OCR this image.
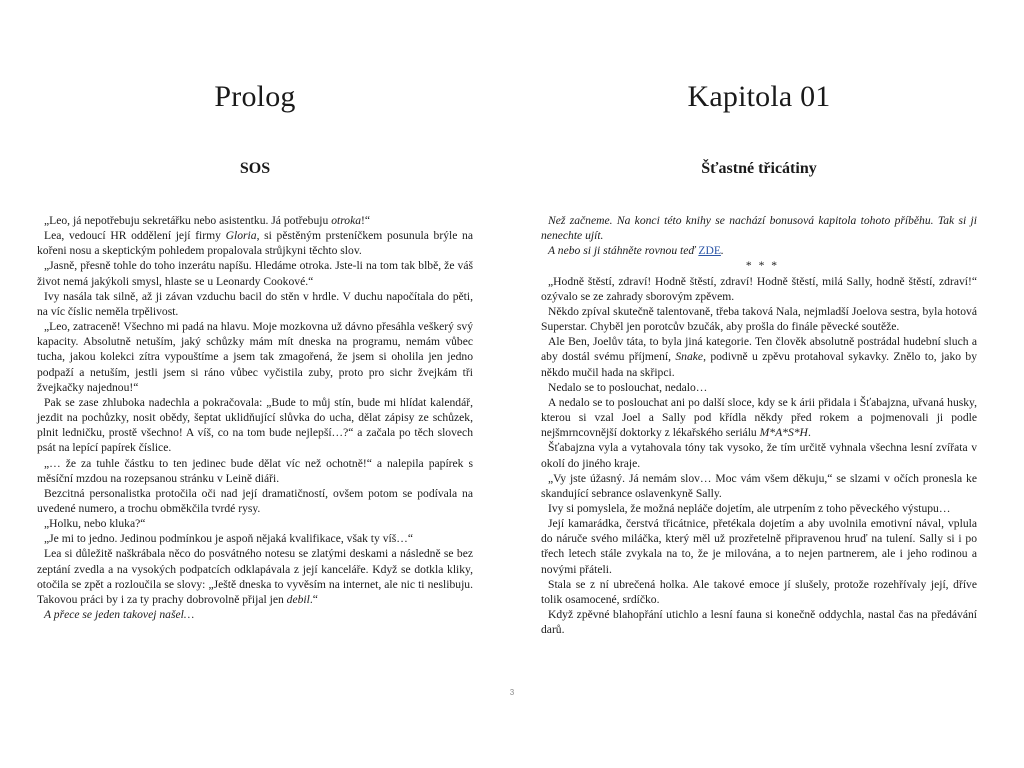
Prolog
SOS

„Leo, já nepotřebuju sekretářku nebo asistentku. Já potřebuju otroka!“

Lea, vedoucí HR oddělení její firmy Gloria, si pěstěným prsteníčkem posunula brýle na kořeni nosu a skeptickým pohledem propalovala strůjkyni těchto slov.

„Jasně, přesně tohle do toho inzerátu napíšu. Hledáme otroka. Jste-li na tom tak blbě, že váš život nemá jakýkoli smysl, hlaste se u Leonardy Cookové.“

Ivy nasála tak silně, až ji závan vzduchu bacil do stěn v hrdle. V duchu napočítala do pěti, na víc číslic neměla trpělivost.

„Leo, zatraceně! Všechno mi padá na hlavu. Moje mozkovna už dávno přesáhla veškerý svý kapacity. Absolutně netuším, jaký schůzky mám mít dneska na programu, nemám vůbec tucha, jakou kolekci zítra vypouštíme a jsem tak zmagořená, že jsem si oholila jen jedno podpaží a netuším, jestli jsem si ráno vůbec vyčistila zuby, proto pro sichr žvejkám tři žvejkačky najednou!“

Pak se zase zhluboka nadechla a pokračovala: „Bude to můj stín, bude mi hlídat kalendář, jezdit na pochůzky, nosit obědy, šeptat uklidňující slůvka do ucha, dělat zápisy ze schůzek, plnit ledničku, prostě všechno! A víš, co na tom bude nejlepší…?“ a začala po těch slovech psát na lepící papírek číslice.

„… že za tuhle částku to ten jedinec bude dělat víc než ochotně!“ a nalepila papírek s měsíční mzdou na rozepsanou stránku v Leině diáři.

Bezcitná personalistka protočila oči nad její dramatičností, ovšem potom se podívala na uvedené numero, a trochu obměkčila tvrdé rysy.

„Holku, nebo kluka?“

„Je mi to jedno. Jedinou podmínkou je aspoň nějaká kvalifikace, však ty víš…“

Lea si důležitě naškrábala něco do posvátného notesu se zlatými deskami a následně se bez zeptání zvedla a na vysokých podpatcích odklapávala z její kanceláře. Když se dotkla kliky, otočila se zpět a rozloučila se slovy: „Ještě dneska to vyvěsím na internet, ale nic ti neslibuju. Takovou práci by i za ty prachy dobrovolně přijal jen debil.“

A přece se jeden takovej našel…

Kapitola 01
Šťastné třicátiny

Než začneme. Na konci této knihy se nachází bonusová kapitola tohoto příběhu. Tak si ji nenechte ujít.

A nebo si ji stáhněte rovnou teď ZDE.

* * *

„Hodně štěstí, zdraví! Hodně štěstí, zdraví! Hodně štěstí, milá Sally, hodně štěstí, zdraví!“ ozývalo se ze zahrady sborovým zpěvem.

Někdo zpíval skutečně talentovaně, třeba taková Nala, nejmladší Joelova sestra, byla hotová Superstar. Chyběl jen porotcův bzučák, aby prošla do finále pěvecké soutěže.

Ale Ben, Joelův táta, to byla jiná kategorie. Ten člověk absolutně postrádal hudební sluch a aby dostál svému příjmení, Snake, podivně u zpěvu protahoval sykavky. Znělo to, jako by někdo mučil hada na skřipci.

Nedalo se to poslouchat, nedalo…

A nedalo se to poslouchat ani po další sloce, kdy se k árii přidala i Šťabajzna, uřvaná husky, kterou si vzal Joel a Sally pod křídla někdy před rokem a pojmenovali ji podle nejšmrncovnější doktorky z lékařského seriálu M*A*S*H.

Šťabajzna vyla a vytahovala tóny tak vysoko, že tím určitě vyhnala všechna lesní zvířata v okolí do jiného kraje.

„Vy jste úžasný. Já nemám slov… Moc vám všem děkuju,“ se slzami v očích pronesla ke skandující sebrance oslavenkyně Sally.

Ivy si pomyslela, že možná nepláče dojetím, ale utrpením z toho pěveckého výstupu…

Její kamarádka, čerstvá třicátnice, přetékala dojetím a aby uvolnila emotivní nával, vplula do náruče svého miláčka, který měl už prozřetelně připravenou hruď na tulení. Sally si i po třech letech stále zvykala na to, že je milována, a to nejen partnerem, ale i jeho rodinou a novými přáteli.

Stala se z ní ubrečená holka. Ale takové emoce jí slušely, protože rozehřívaly její, dříve tolik osamocené, srdíčko.

Když zpěvné blahopřání utichlo a lesní fauna si konečně oddychla, nastal čas na předávání darů.

3
